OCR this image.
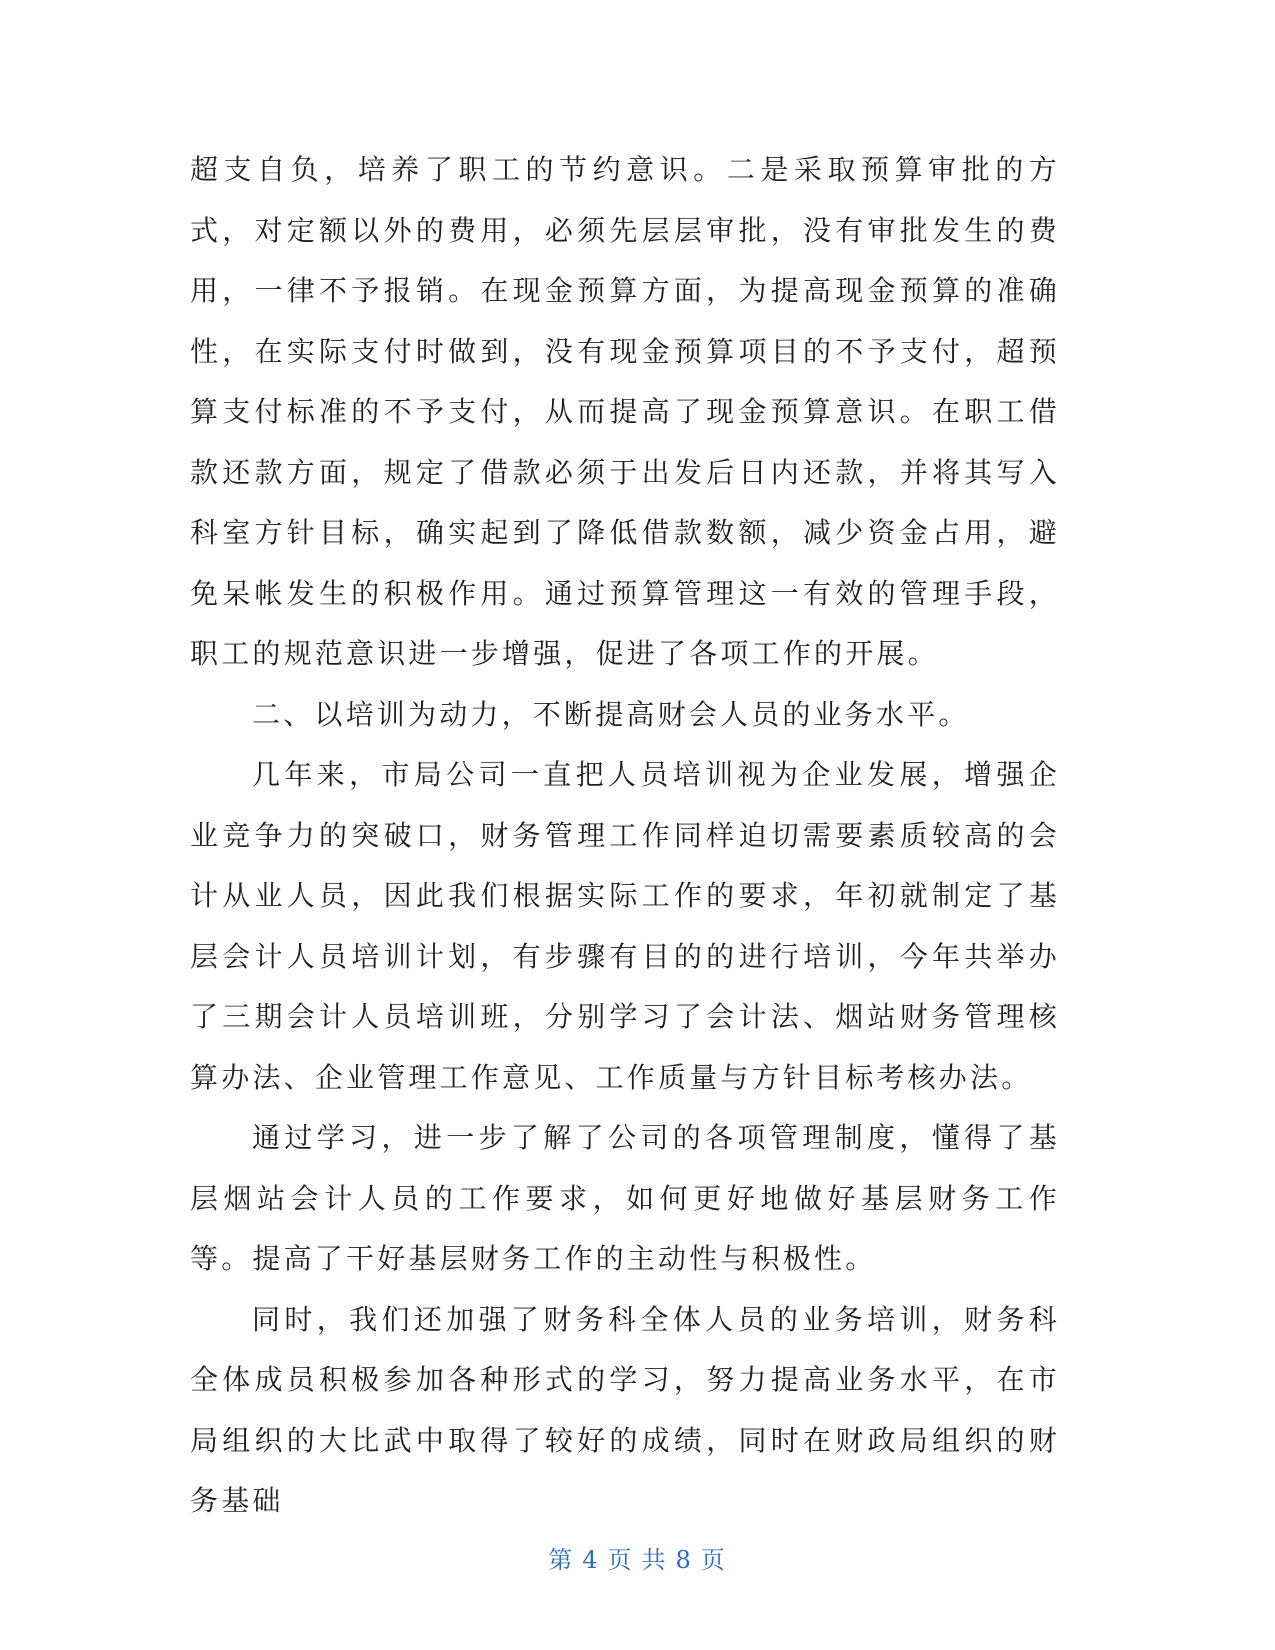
超支自负，培养了职工的节约意识。二是采取预算审批的方式，对定额以外的费用，必须先层层审批，没有审批发生的费用，一律不予报销。在现金预算方面，为提高现金预算的准确性，在实际支付时做到，没有现金预算项目的不予支付，超预算支付标准的不予支付，从而提高了现金预算意识。在职工借款还款方面，规定了借款必须于出发后日内还款，并将其写入科室方针目标，确实起到了降低借款数额，减少资金占用，避免呆帐发生的积极作用。通过预算管理这一有效的管理手段，职工的规范意识进一步增强，促进了各项工作的开展。

二、以培训为动力，不断提高财会人员的业务水平。

几年来，市局公司一直把人员培训视为企业发展，增强企业竞争力的突破口，财务管理工作同样迫切需要素质较高的会计从业人员，因此我们根据实际工作的要求，年初就制定了基层会计人员培训计划，有步骤有目的的进行培训，今年共举办了三期会计人员培训班，分别学习了会计法、烟站财务管理核算办法、企业管理工作意见、工作质量与方针目标考核办法。

通过学习，进一步了解了公司的各项管理制度，懂得了基层烟站会计人员的工作要求，如何更好地做好基层财务工作等。提高了干好基层财务工作的主动性与积极性。

同时，我们还加强了财务科全体人员的业务培训，财务科全体成员积极参加各种形式的学习，努力提高业务水平，在市局组织的大比武中取得了较好的成绩，同时在财政局组织的财务基础

第 4 页 共 8 页
